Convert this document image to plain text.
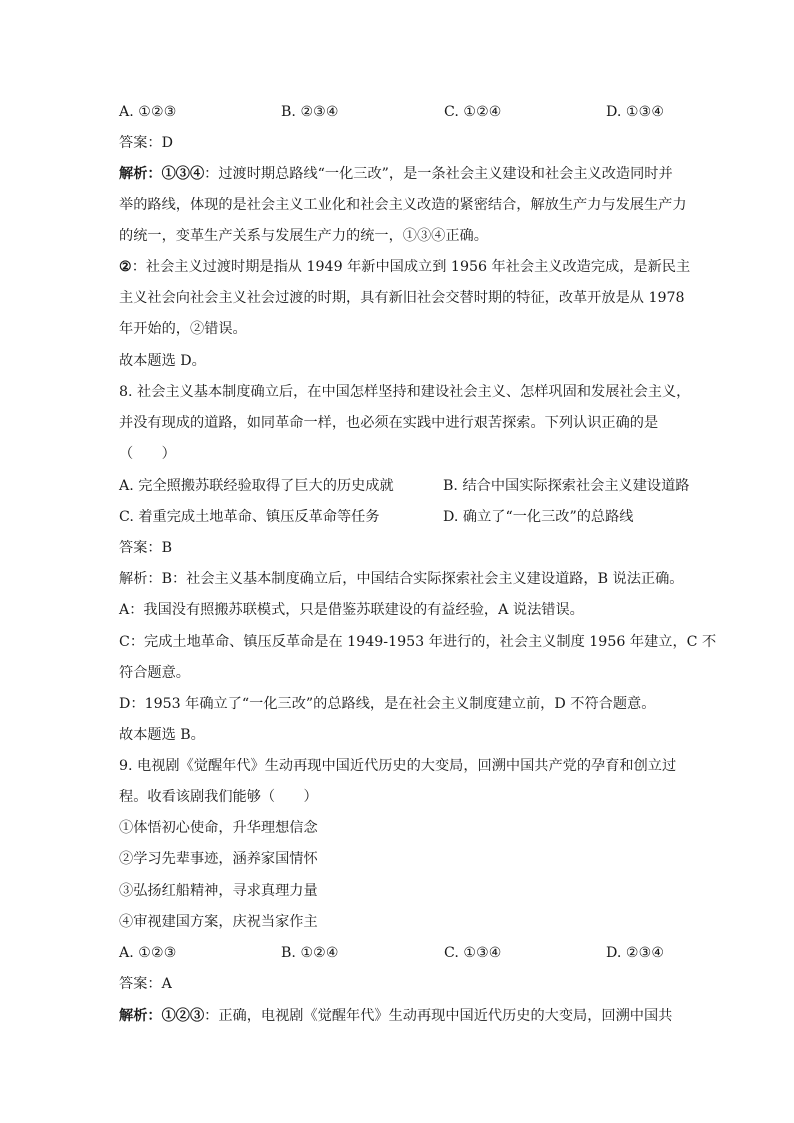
A. ①②③	B. ②③④	C. ①②④	D. ①③④
答案：D
解析：①③④：过渡时期总路线“一化三改”，是一条社会主义建设和社会主义改造同时并
举的路线，体现的是社会主义工业化和社会主义改造的紧密结合，解放生产力与发展生产力
的统一，变革生产关系与发展生产力的统一，①③④正确。
②：社会主义过渡时期是指从 1949 年新中国成立到 1956 年社会主义改造完成，是新民主
主义社会向社会主义社会过渡的时期，具有新旧社会交替时期的特征，改革开放是从 1978
年开始的，②错误。
故本题选 D。
8. 社会主义基本制度确立后，在中国怎样坚持和建设社会主义、怎样巩固和发展社会主义，
并没有现成的道路，如同革命一样，也必须在实践中进行艰苦探索。下列认识正确的是
（　　）
A. 完全照搬苏联经验取得了巨大的历史成就	B. 结合中国实际探索社会主义建设道路
C. 着重完成土地革命、镇压反革命等任务	D. 确立了“一化三改”的总路线
答案：B
解析：B：社会主义基本制度确立后，中国结合实际探索社会主义建设道路，B 说法正确。
A：我国没有照搬苏联模式，只是借鉴苏联建设的有益经验，A 说法错误。
C：完成土地革命、镇压反革命是在 1949-1953 年进行的，社会主义制度 1956 年建立，C 不
符合题意。
D：1953 年确立了“一化三改”的总路线，是在社会主义制度建立前，D 不符合题意。
故本题选 B。
9. 电视剧《觉醒年代》生动再现中国近代历史的大变局，回溯中国共产党的孕育和创立过
程。收看该剧我们能够（　　）
①体悟初心使命，升华理想信念
②学习先辈事迹，涵养家国情怀
③弘扬红船精神，寻求真理力量
④审视建国方案，庆祝当家作主
A. ①②③	B. ①②④	C. ①③④	D. ②③④
答案：A
解析：①②③：正确，电视剧《觉醒年代》生动再现中国近代历史的大变局，回溯中国共
